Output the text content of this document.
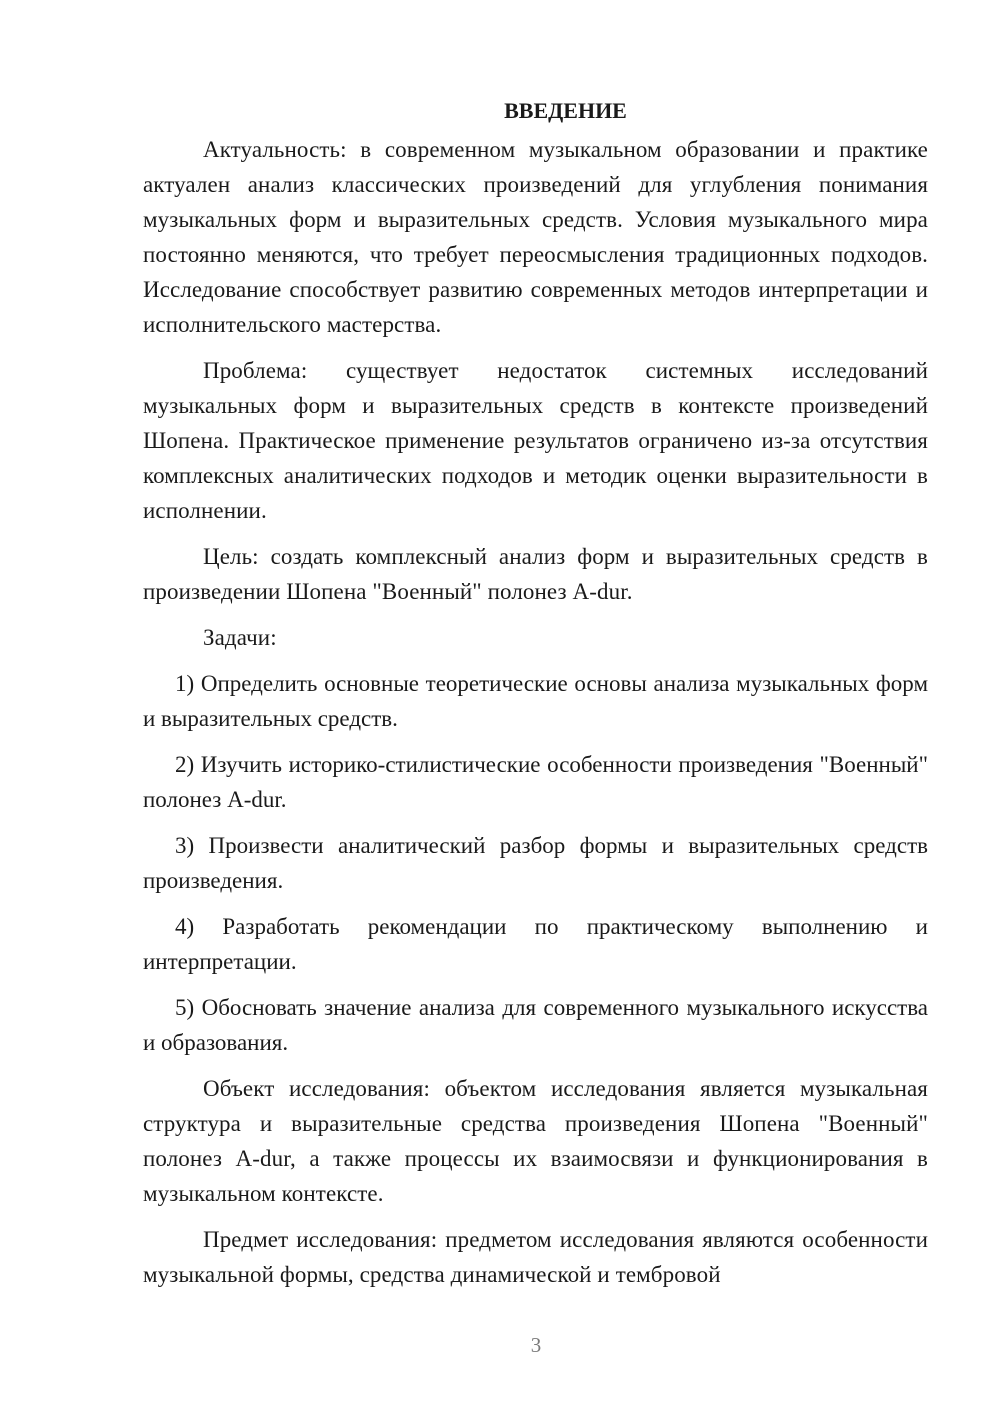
ВВЕДЕНИЕ

Актуальность: в современном музыкальном образовании и практике актуален анализ классических произведений для углубления понимания музыкальных форм и выразительных средств. Условия музыкального мира постоянно меняются, что требует переосмысления традиционных подходов. Исследование способствует развитию современных методов интерпретации и исполнительского мастерства.

Проблема: существует недостаток системных исследований музыкальных форм и выразительных средств в контексте произведений Шопена. Практическое применение результатов ограничено из-за отсутствия комплексных аналитических подходов и методик оценки выразительности в исполнении.

Цель: создать комплексный анализ форм и выразительных средств в произведении Шопена "Военный" полонез A-dur.

Задачи:

1) Определить основные теоретические основы анализа музыкальных форм и выразительных средств.

2) Изучить историко-стилистические особенности произведения "Военный" полонез A-dur.

3) Произвести аналитический разбор формы и выразительных средств произведения.

4) Разработать рекомендации по практическому выполнению и интерпретации.

5) Обосновать значение анализа для современного музыкального искусства и образования.

Объект исследования: объектом исследования является музыкальная структура и выразительные средства произведения Шопена "Военный" полонез A-dur, а также процессы их взаимосвязи и функционирования в музыкальном контексте.

Предмет исследования: предметом исследования являются особенности музыкальной формы, средства динамической и тембровой

3
